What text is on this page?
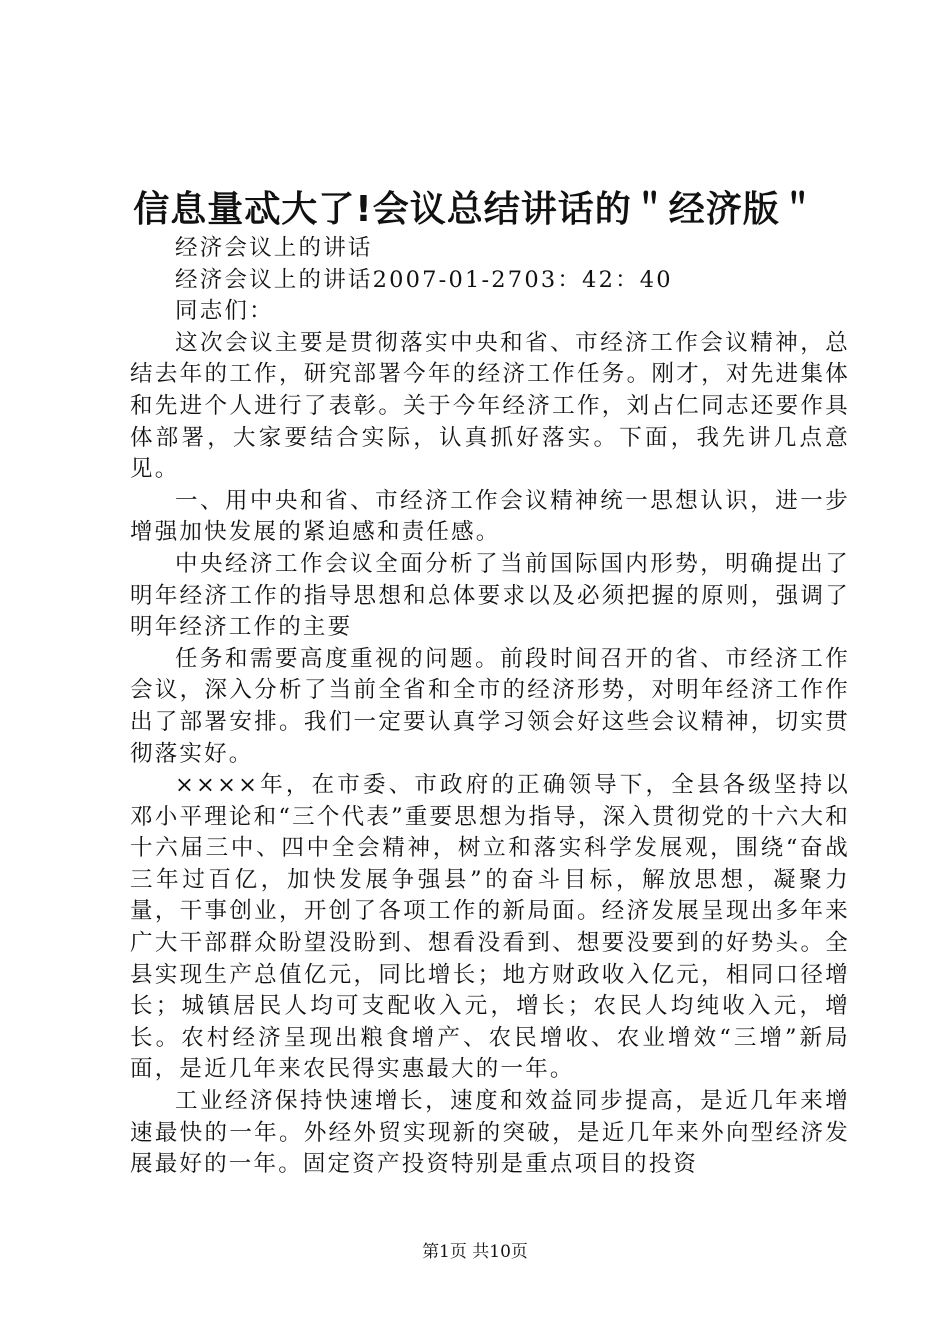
信息量忒大了!会议总结讲话的＂经济版＂

经济会议上的讲话

经济会议上的讲话2007-01-2703：42：40

同志们：

这次会议主要是贯彻落实中央和省、市经济工作会议精神，总结去年的工作，研究部署今年的经济工作任务。刚才，对先进集体和先进个人进行了表彰。关于今年经济工作，刘占仁同志还要作具体部署，大家要结合实际，认真抓好落实。下面，我先讲几点意见。

一、用中央和省、市经济工作会议精神统一思想认识，进一步增强加快发展的紧迫感和责任感。

中央经济工作会议全面分析了当前国际国内形势，明确提出了明年经济工作的指导思想和总体要求以及必须把握的原则，强调了明年经济工作的主要

任务和需要高度重视的问题。前段时间召开的省、市经济工作会议，深入分析了当前全省和全市的经济形势，对明年经济工作作出了部署安排。我们一定要认真学习领会好这些会议精神，切实贯彻落实好。

××××年，在市委、市政府的正确领导下，全县各级坚持以邓小平理论和“三个代表”重要思想为指导，深入贯彻党的十六大和十六届三中、四中全会精神，树立和落实科学发展观，围绕“奋战三年过百亿，加快发展争强县”的奋斗目标，解放思想，凝聚力量，干事创业，开创了各项工作的新局面。经济发展呈现出多年来广大干部群众盼望没盼到、想看没看到、想要没要到的好势头。全县实现生产总值亿元，同比增长；地方财政收入亿元，相同口径增长；城镇居民人均可支配收入元，增长；农民人均纯收入元，增长。农村经济呈现出粮食增产、农民增收、农业增效“三增”新局面，是近几年来农民得实惠最大的一年。

工业经济保持快速增长，速度和效益同步提高，是近几年来增速最快的一年。外经外贸实现新的突破，是近几年来外向型经济发展最好的一年。固定资产投资特别是重点项目的投资

第1页 共10页
